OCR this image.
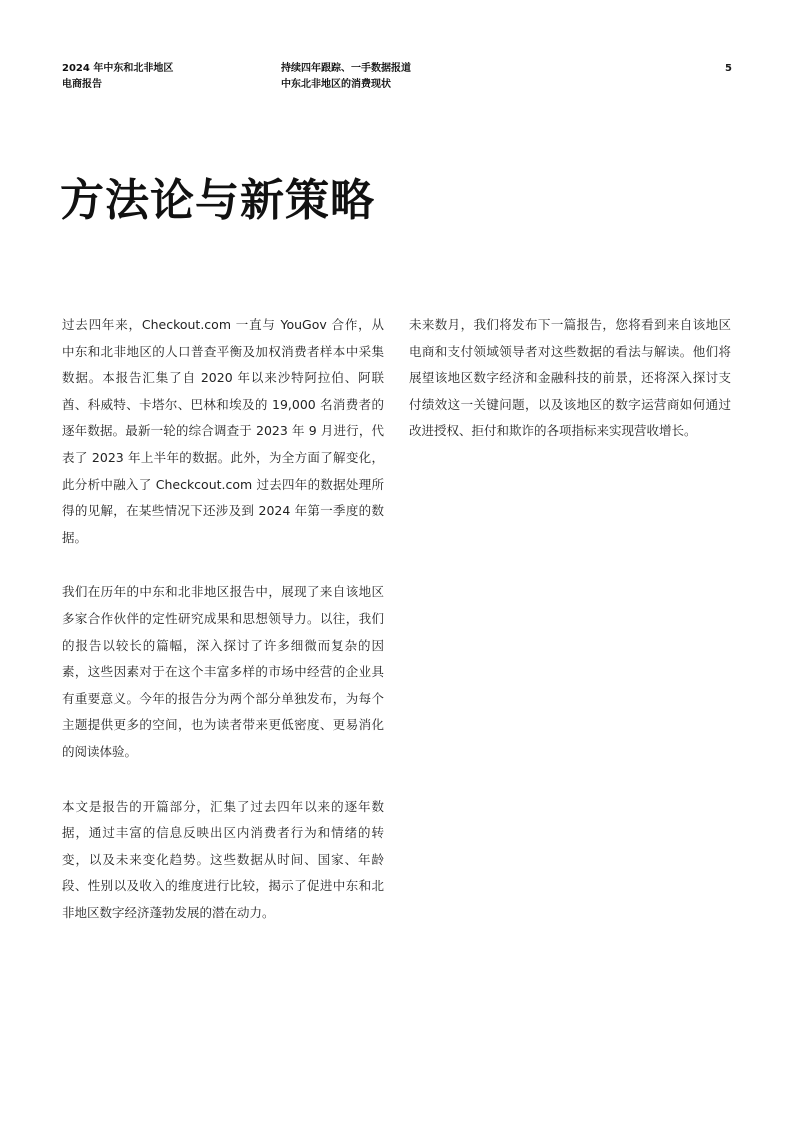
2024 年中东和北非地区
电商报告
持续四年跟踪、一手数据报道
中东北非地区的消费现状
5
方法论与新策略

过去四年来，Checkout.com 一直与 YouGov 合作，从中东和北非地区的人口普查平衡及加权消费者样本中采集数据。本报告汇集了自 2020 年以来沙特阿拉伯、阿联酋、科威特、卡塔尔、巴林和埃及的 19,000 名消费者的逐年数据。最新一轮的综合调查于 2023 年 9 月进行，代表了 2023 年上半年的数据。此外，为全方面了解变化，此分析中融入了 Checkcout.com 过去四年的数据处理所得的见解，在某些情况下还涉及到 2024 年第一季度的数据。

我们在历年的中东和北非地区报告中，展现了来自该地区多家合作伙伴的定性研究成果和思想领导力。以往，我们的报告以较长的篇幅，深入探讨了许多细微而复杂的因素，这些因素对于在这个丰富多样的市场中经营的企业具有重要意义。今年的报告分为两个部分单独发布，为每个主题提供更多的空间，也为读者带来更低密度、更易消化的阅读体验。

本文是报告的开篇部分，汇集了过去四年以来的逐年数据，通过丰富的信息反映出区内消费者行为和情绪的转变，以及未来变化趋势。这些数据从时间、国家、年龄段、性别以及收入的维度进行比较，揭示了促进中东和北非地区数字经济蓬勃发展的潜在动力。

未来数月，我们将发布下一篇报告，您将看到来自该地区电商和支付领域领导者对这些数据的看法与解读。他们将展望该地区数字经济和金融科技的前景，还将深入探讨支付绩效这一关键问题，以及该地区的数字运营商如何通过改进授权、拒付和欺诈的各项指标来实现营收增长。
